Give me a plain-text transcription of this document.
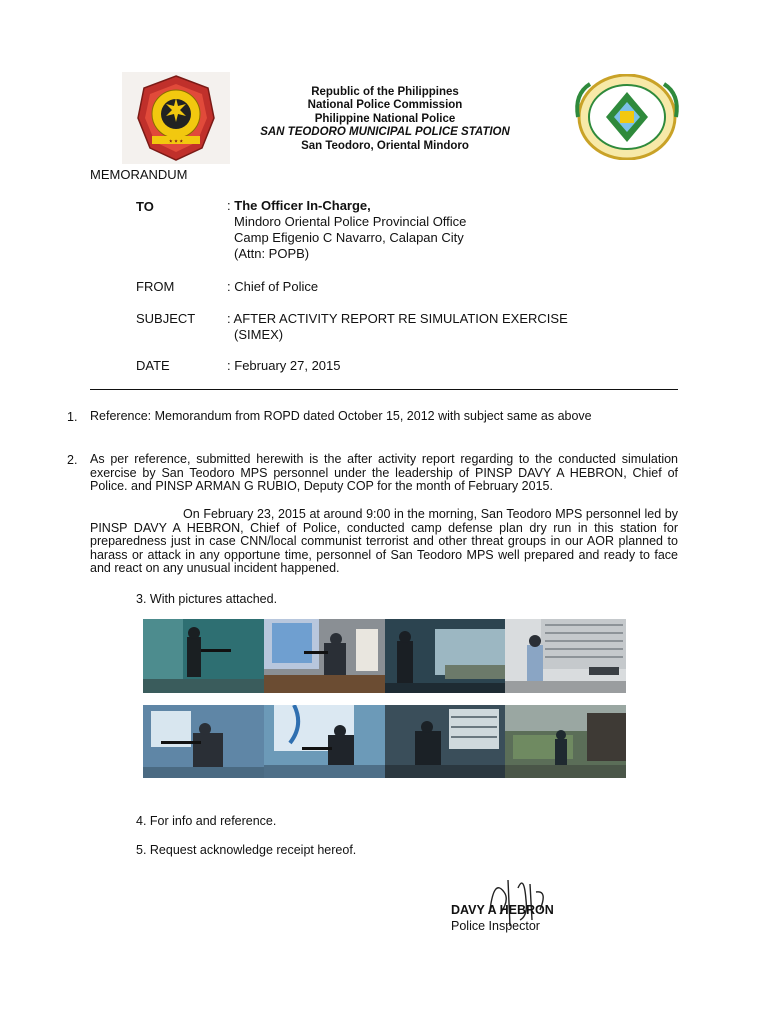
★ ★ ★
Republic of the Philippines
National Police Commission
Philippine National Police
SAN TEODORO MUNICIPAL POLICE STATION
San Teodoro, Oriental Mindoro
MEMORANDUM
TO	: The Officer In-Charge,
Mindoro Oriental Police Provincial Office
Camp Efigenio C Navarro, Calapan City
(Attn: POPB)
FROM	: Chief of Police
SUBJECT : AFTER ACTIVITY REPORT RE SIMULATION EXERCISE
(SIMEX)
DATE	: February 27, 2015
1. Reference: Memorandum from ROPD dated October 15, 2012 with subject same as above
2. As per reference, submitted herewith is the after activity report regarding to the conducted simulation exercise by San Teodoro MPS personnel under the leadership of PINSP DAVY A HEBRON, Chief of Police. and PINSP ARMAN G RUBIO, Deputy COP for the month of February 2015.
On February 23, 2015 at around 9:00 in the morning, San Teodoro MPS personnel led by PINSP DAVY A HEBRON, Chief of Police, conducted camp defense plan dry run in this station for preparedness just in case CNN/local communist terrorist and other threat groups in our AOR planned to harass or attack in any opportune time, personnel of San Teodoro MPS well prepared and ready to face and react on any unusual incident happened.
3. With pictures attached.
4. For info and reference.
5. Request acknowledge receipt hereof.
DAVY A HEBRON
Police Inspector
